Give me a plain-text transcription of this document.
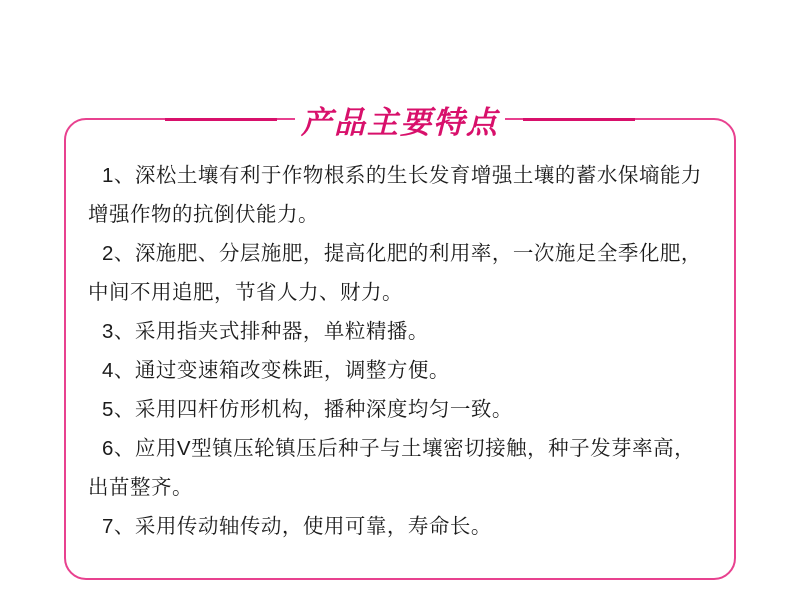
1、深松土壤有利于作物根系的生长发育增强土壤的蓄水保墒能力增强作物的抗倒伏能力。

2、深施肥、分层施肥，提高化肥的利用率，一次施足全季化肥，中间不用追肥，节省人力、财力。

3、采用指夹式排种器，单粒精播。

4、通过变速箱改变株距，调整方便。

5、采用四杆仿形机构，播种深度均匀一致。

6、应用V型镇压轮镇压后种子与土壤密切接触，种子发芽率高，出苗整齐。

7、采用传动轴传动，使用可靠，寿命长。

产品主要特点
